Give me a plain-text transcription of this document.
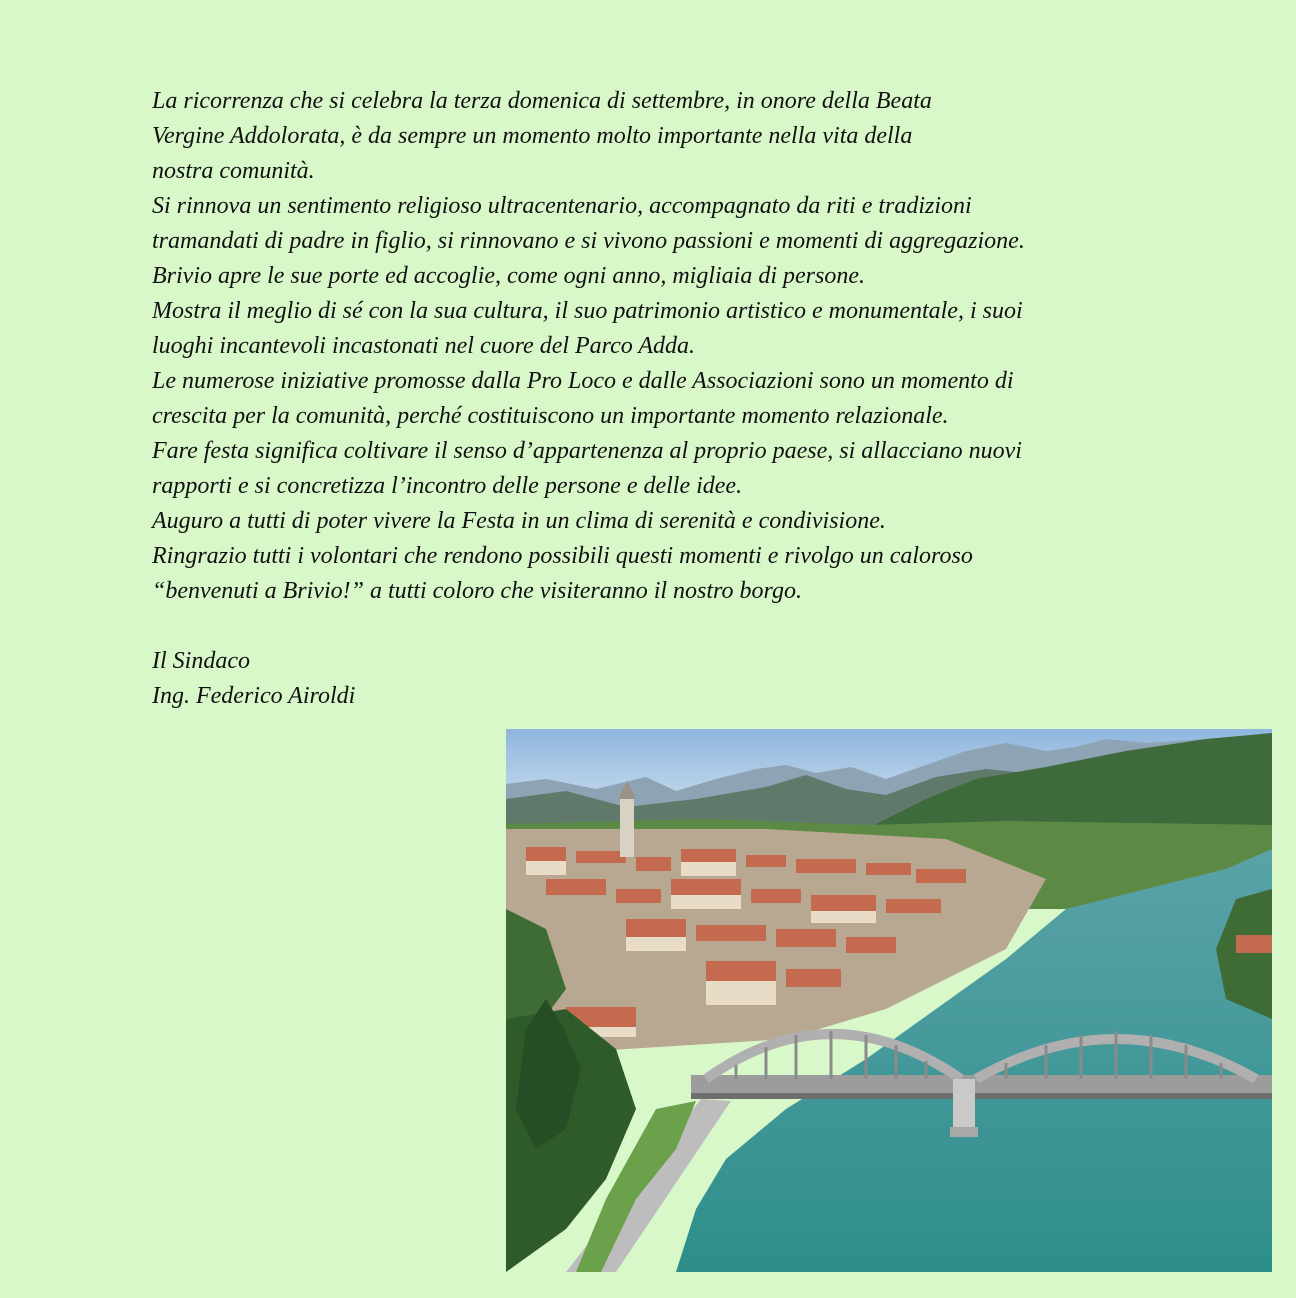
La ricorrenza che si celebra la terza domenica di settembre, in onore della Beata
Vergine Addolorata, è da sempre un momento molto importante nella vita della
nostra comunità.
Si rinnova un sentimento religioso ultracentenario, accompagnato da riti e tradizioni
tramandati di padre in figlio, si rinnovano e si vivono passioni e momenti di aggregazione.
Brivio apre le sue porte ed accoglie, come ogni anno, migliaia di persone.
Mostra il meglio di sé con la sua cultura, il suo patrimonio artistico e monumentale, i suoi
luoghi incantevoli incastonati nel cuore del Parco Adda.
Le numerose iniziative promosse dalla Pro Loco e dalle Associazioni sono un momento di
crescita per la comunità, perché costituiscono un importante momento relazionale.
Fare festa significa coltivare il senso d’appartenenza al proprio paese, si allacciano nuovi
rapporti e si concretizza l’incontro delle persone e delle idee.
Auguro a tutti di poter vivere la Festa in un clima di serenità e condivisione.
Ringrazio tutti i volontari che rendono possibili questi momenti e rivolgo un caloroso
“benvenuti a Brivio!” a tutti coloro che visiteranno il nostro borgo.
Il Sindaco
Ing. Federico Airoldi
